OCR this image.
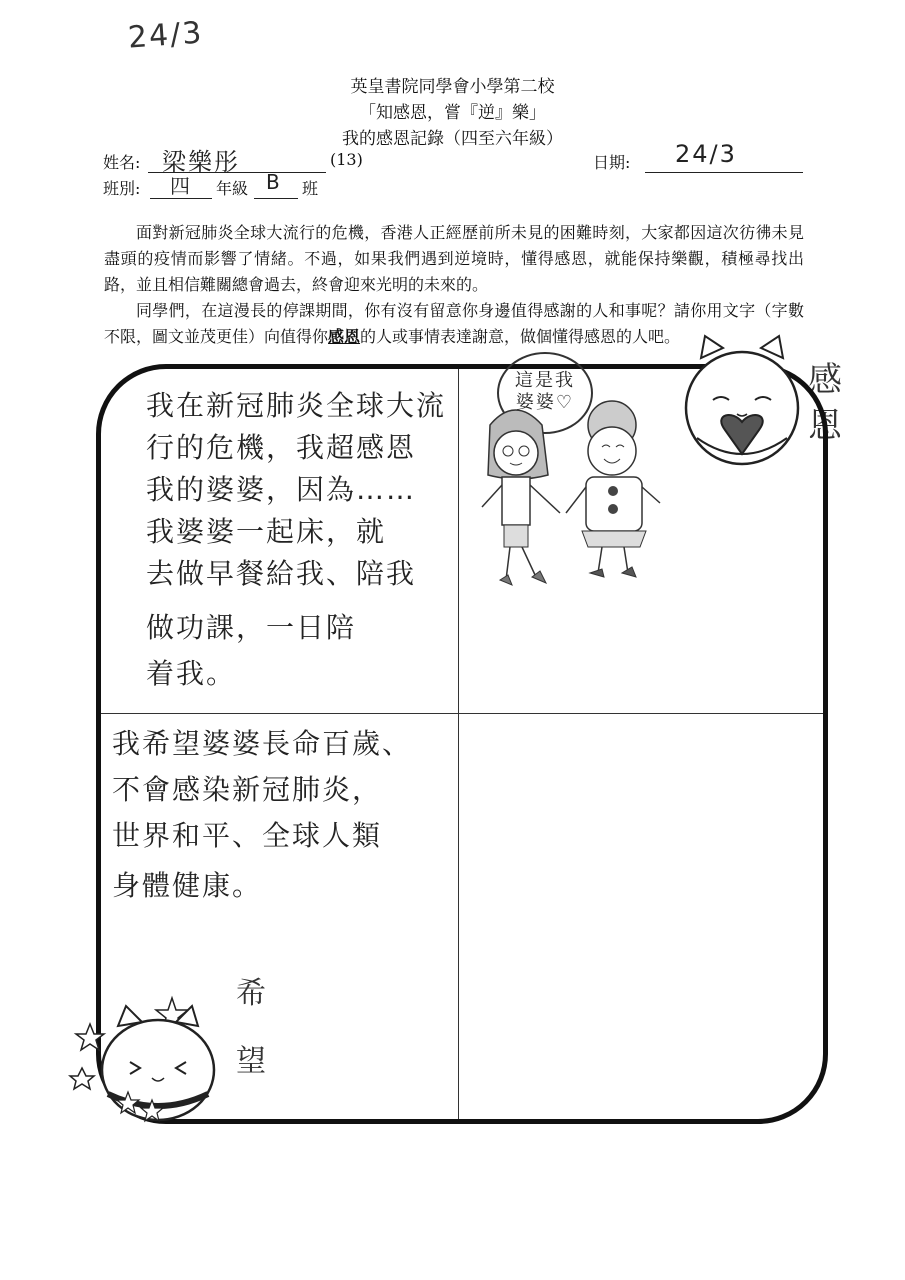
24/3
英皇書院同學會小學第二校
「知感恩，嘗『逆』樂」
我的感恩記錄（四至六年級）
姓名: 梁樂彤	(13)	日期: 24/3
班別: 四 年級 B 班
面對新冠肺炎全球大流行的危機，香港人正經歷前所未見的困難時刻，大家都因這次彷彿未見盡頭的疫情而影響了情緒。不過，如果我們遇到逆境時，懂得感恩，就能保持樂觀，積極尋找出路，並且相信難關總會過去，終會迎來光明的未來的。
同學們，在這漫長的停課期間，你有沒有留意你身邊值得感謝的人和事呢？請你用文字（字數不限，圖文並茂更佳）向值得你感恩的人或事情表達謝意，做個懂得感恩的人吧。
感
恩
這是我
婆婆♡
我在新冠肺炎全球大流
行的危機，我超感恩
我的婆婆，因為……
我婆婆一起床，就
去做早餐給我、陪我
做功課，一日陪
着我。
我希望婆婆長命百歲、
不會感染新冠肺炎，
世界和平、全球人類
身體健康。
希
望
